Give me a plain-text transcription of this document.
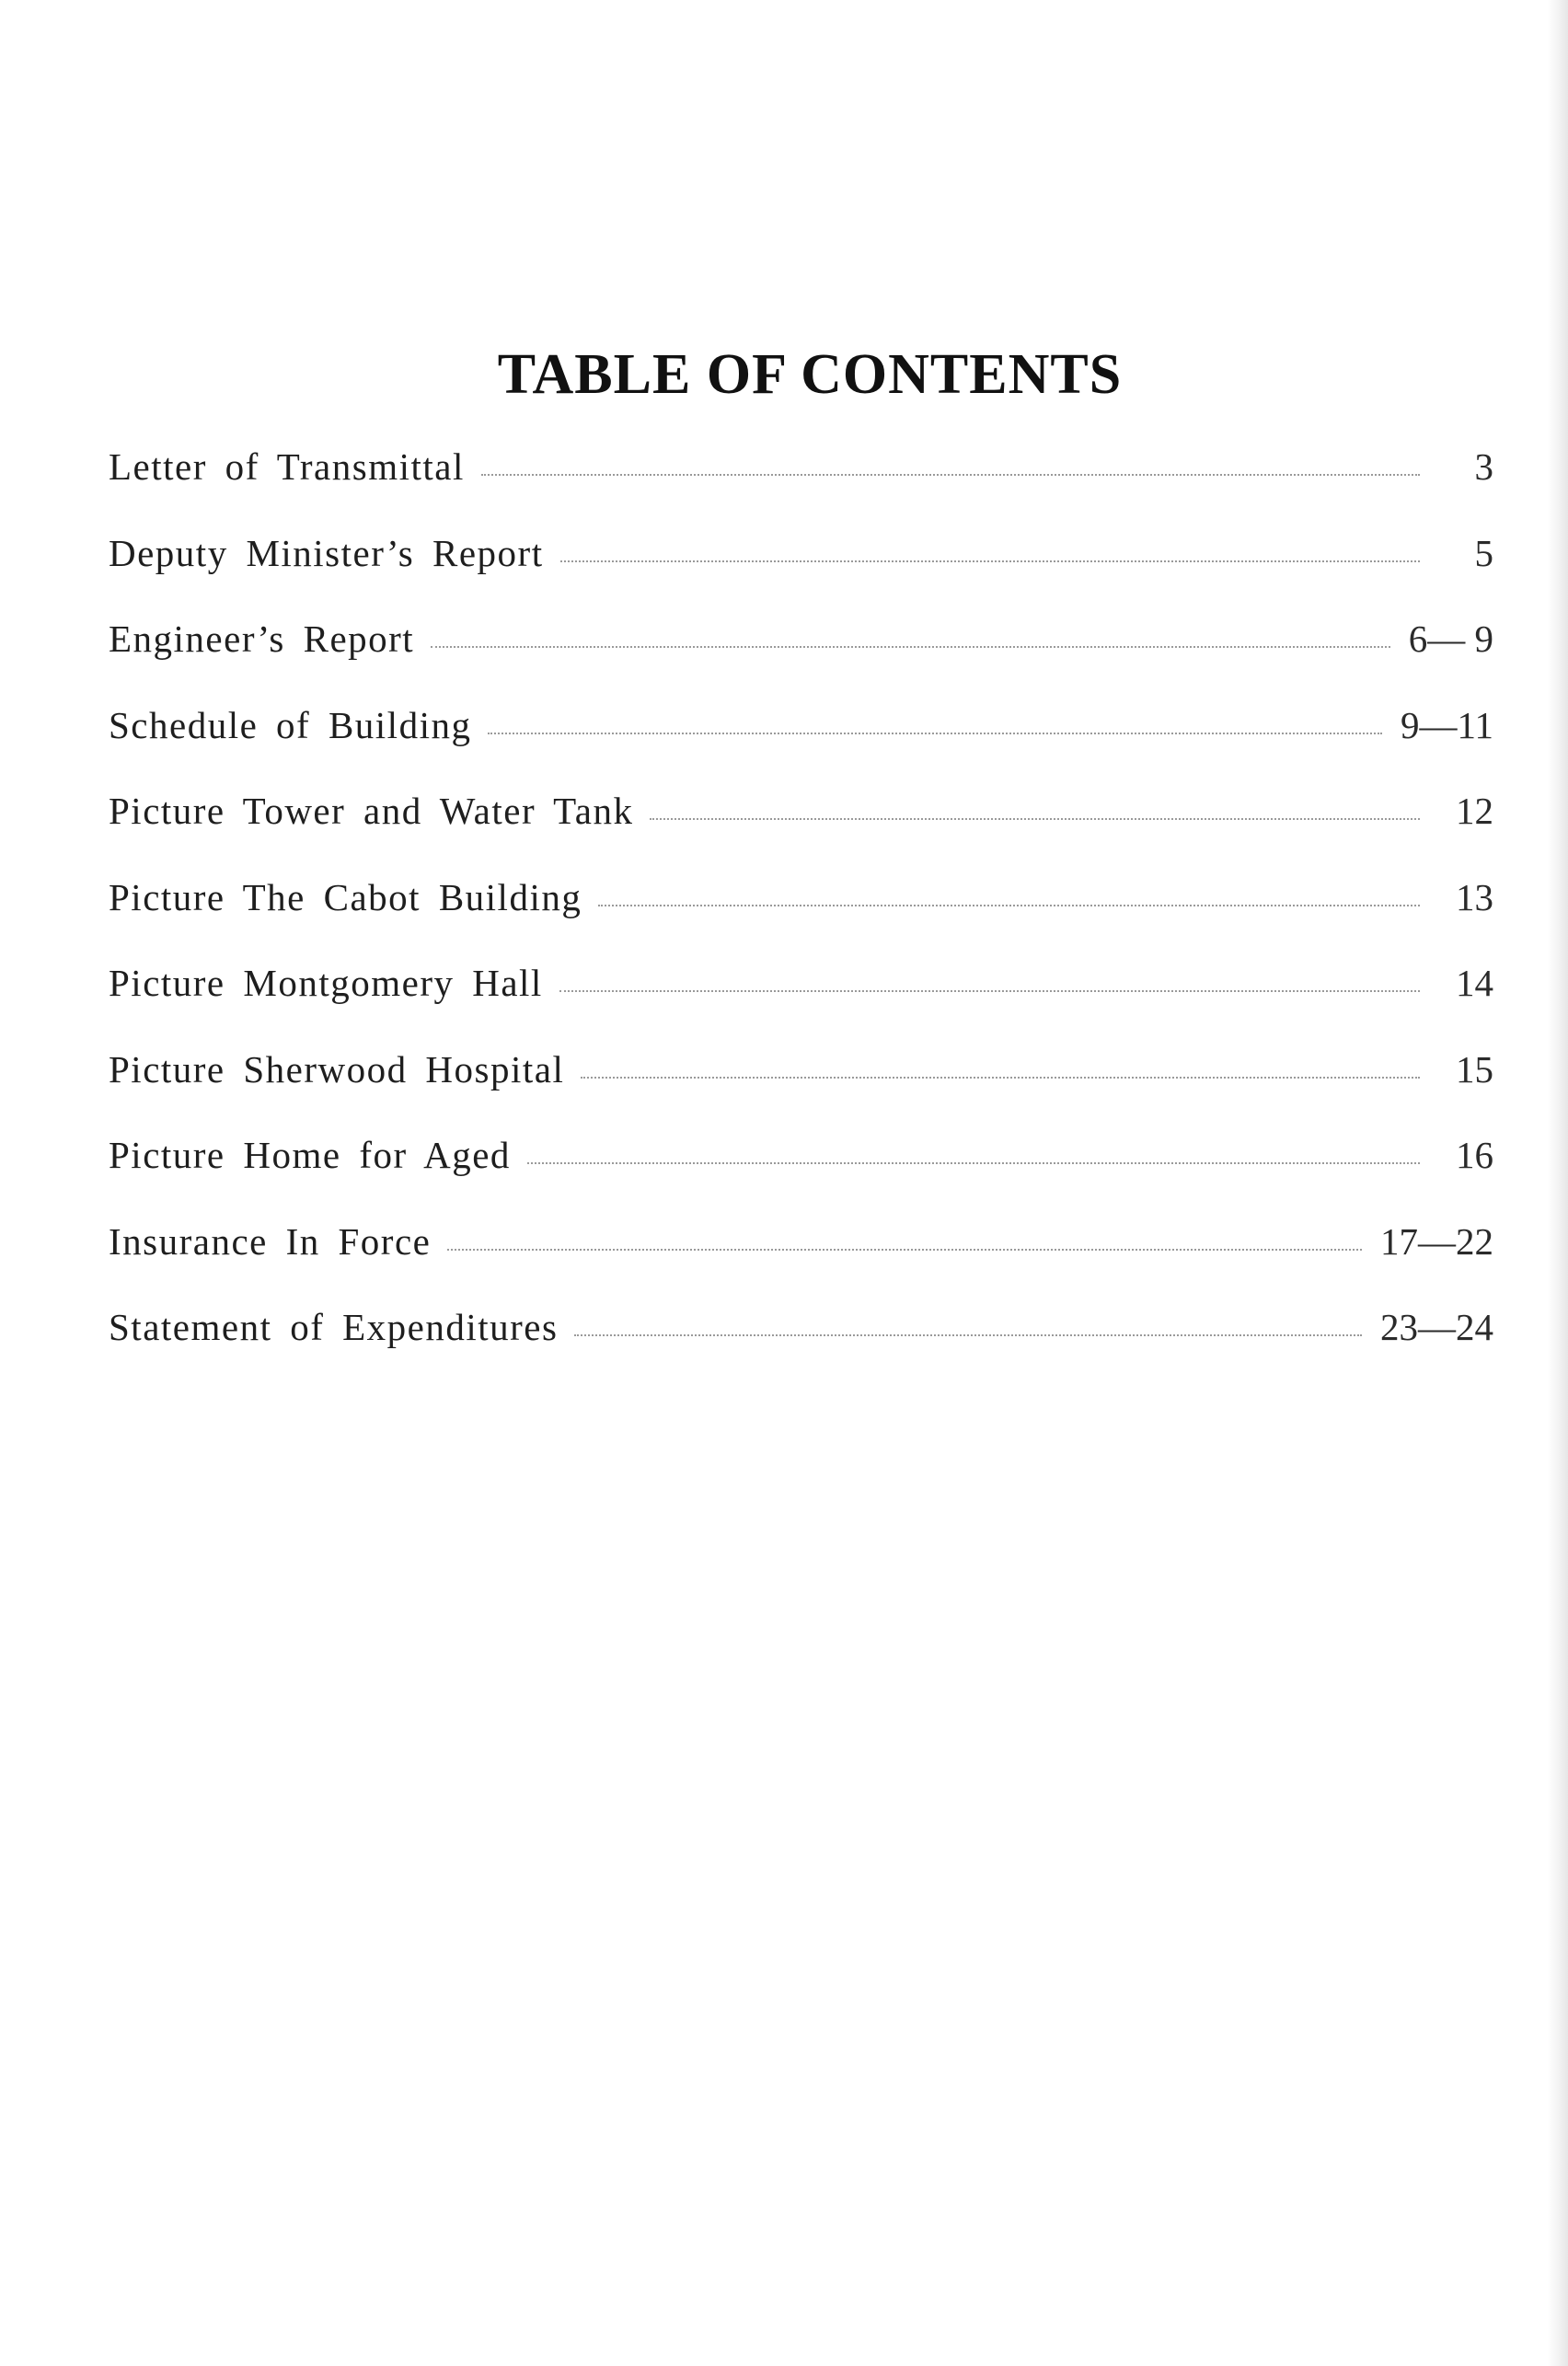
TABLE OF CONTENTS
Letter of Transmittal	3
Deputy Minister’s Report	5
Engineer’s Report	6— 9
Schedule of Building	9—11
Picture Tower and Water Tank	12
Picture The Cabot Building	13
Picture Montgomery Hall	14
Picture Sherwood Hospital	15
Picture Home for Aged	16
Insurance In Force	17—22
Statement of Expenditures	23—24
